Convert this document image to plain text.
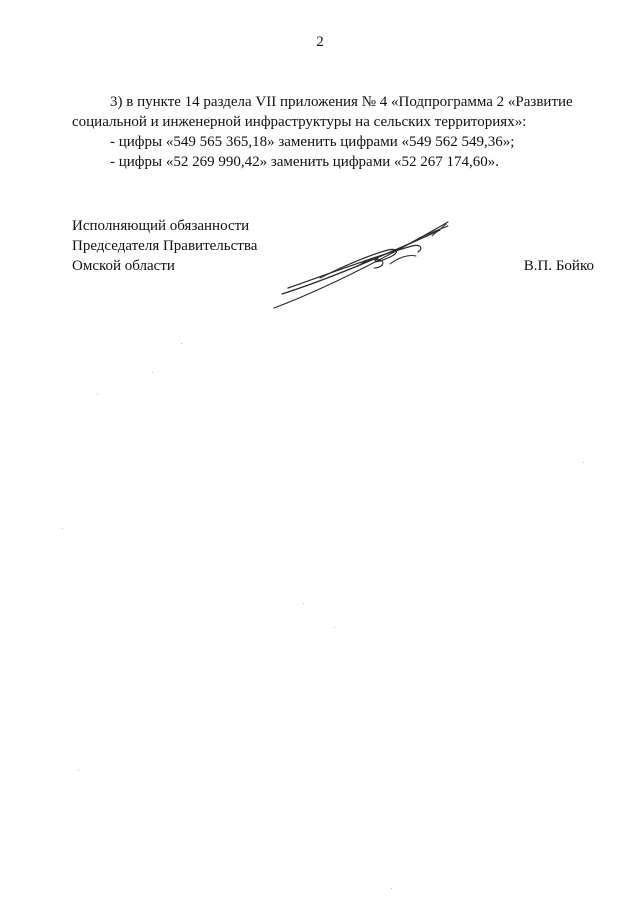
2

3) в пункте 14 раздела VII приложения № 4 «Подпрограмма 2 «Развитие

социальной и инженерной инфраструктуры на сельских территориях»:

- цифры «549 565 365,18» заменить цифрами «549 562 549,36»;

- цифры «52 269 990,42» заменить цифрами «52 267 174,60».

Исполняющий обязанности
Председателя Правительства
Омской области	В.П. Бойко
